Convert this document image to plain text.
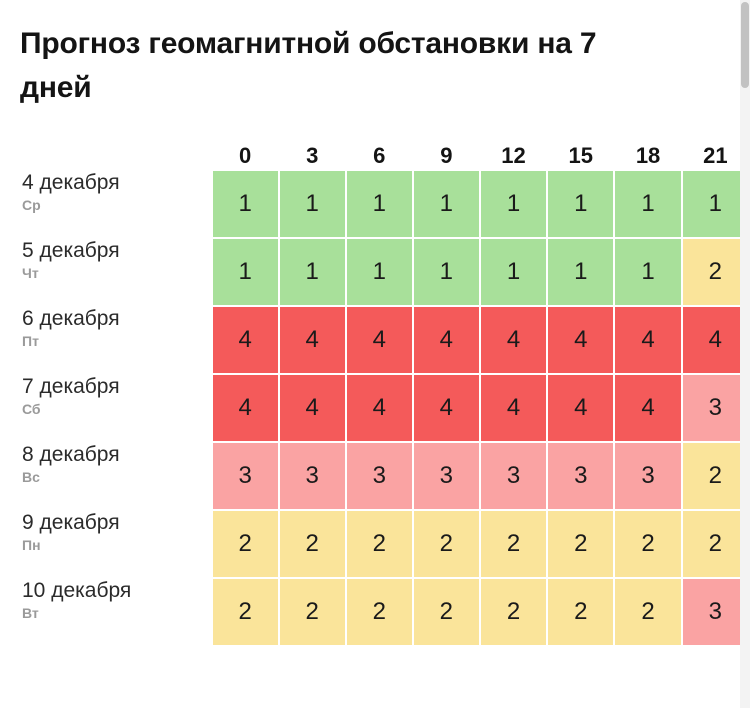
Прогноз геомагнитной обстановки на 7 дней
	0	3	6	9	12	15	18	21

4 декабря
Ср	1	1	1	1	1	1	1	1

5 декабря
Чт	1	1	1	1	1	1	1	2

6 декабря
Пт	4	4	4	4	4	4	4	4

7 декабря
Сб	4	4	4	4	4	4	4	3

8 декабря
Вс	3	3	3	3	3	3	3	2

9 декабря
Пн	2	2	2	2	2	2	2	2

10 декабря
Вт	2	2	2	2	2	2	2	3
